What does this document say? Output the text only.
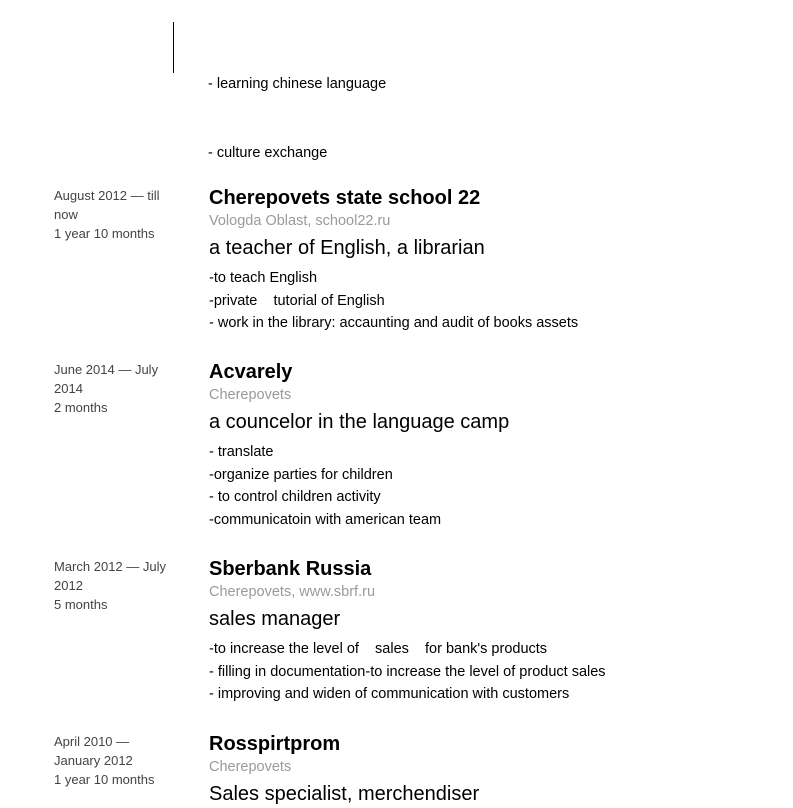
- learning chinese language

- culture exchange

August 2012 — till
now
1 year 10 months
Cherepovets state school 22
Vologda Oblast, school22.ru
a teacher of English, a librarian
-to teach English
-private    tutorial of English
- work in the library: accaunting and audit of books assets
June 2014 — July
2014
2 months
Acvarely
Cherepovets
a councelor in the language camp
- translate
-organize parties for children
- to control children activity
-communicatoin with american team
March 2012 — July
2012
5 months
Sberbank Russia
Cherepovets, www.sbrf.ru
sales manager
-to increase the level of    sales    for bank's products
- filling in documentation-to increase the level of product sales
- improving and widen of communication with customers
April 2010 —
January 2012
1 year 10 months
Rosspirtprom
Cherepovets
Sales specialist, merchendiser
